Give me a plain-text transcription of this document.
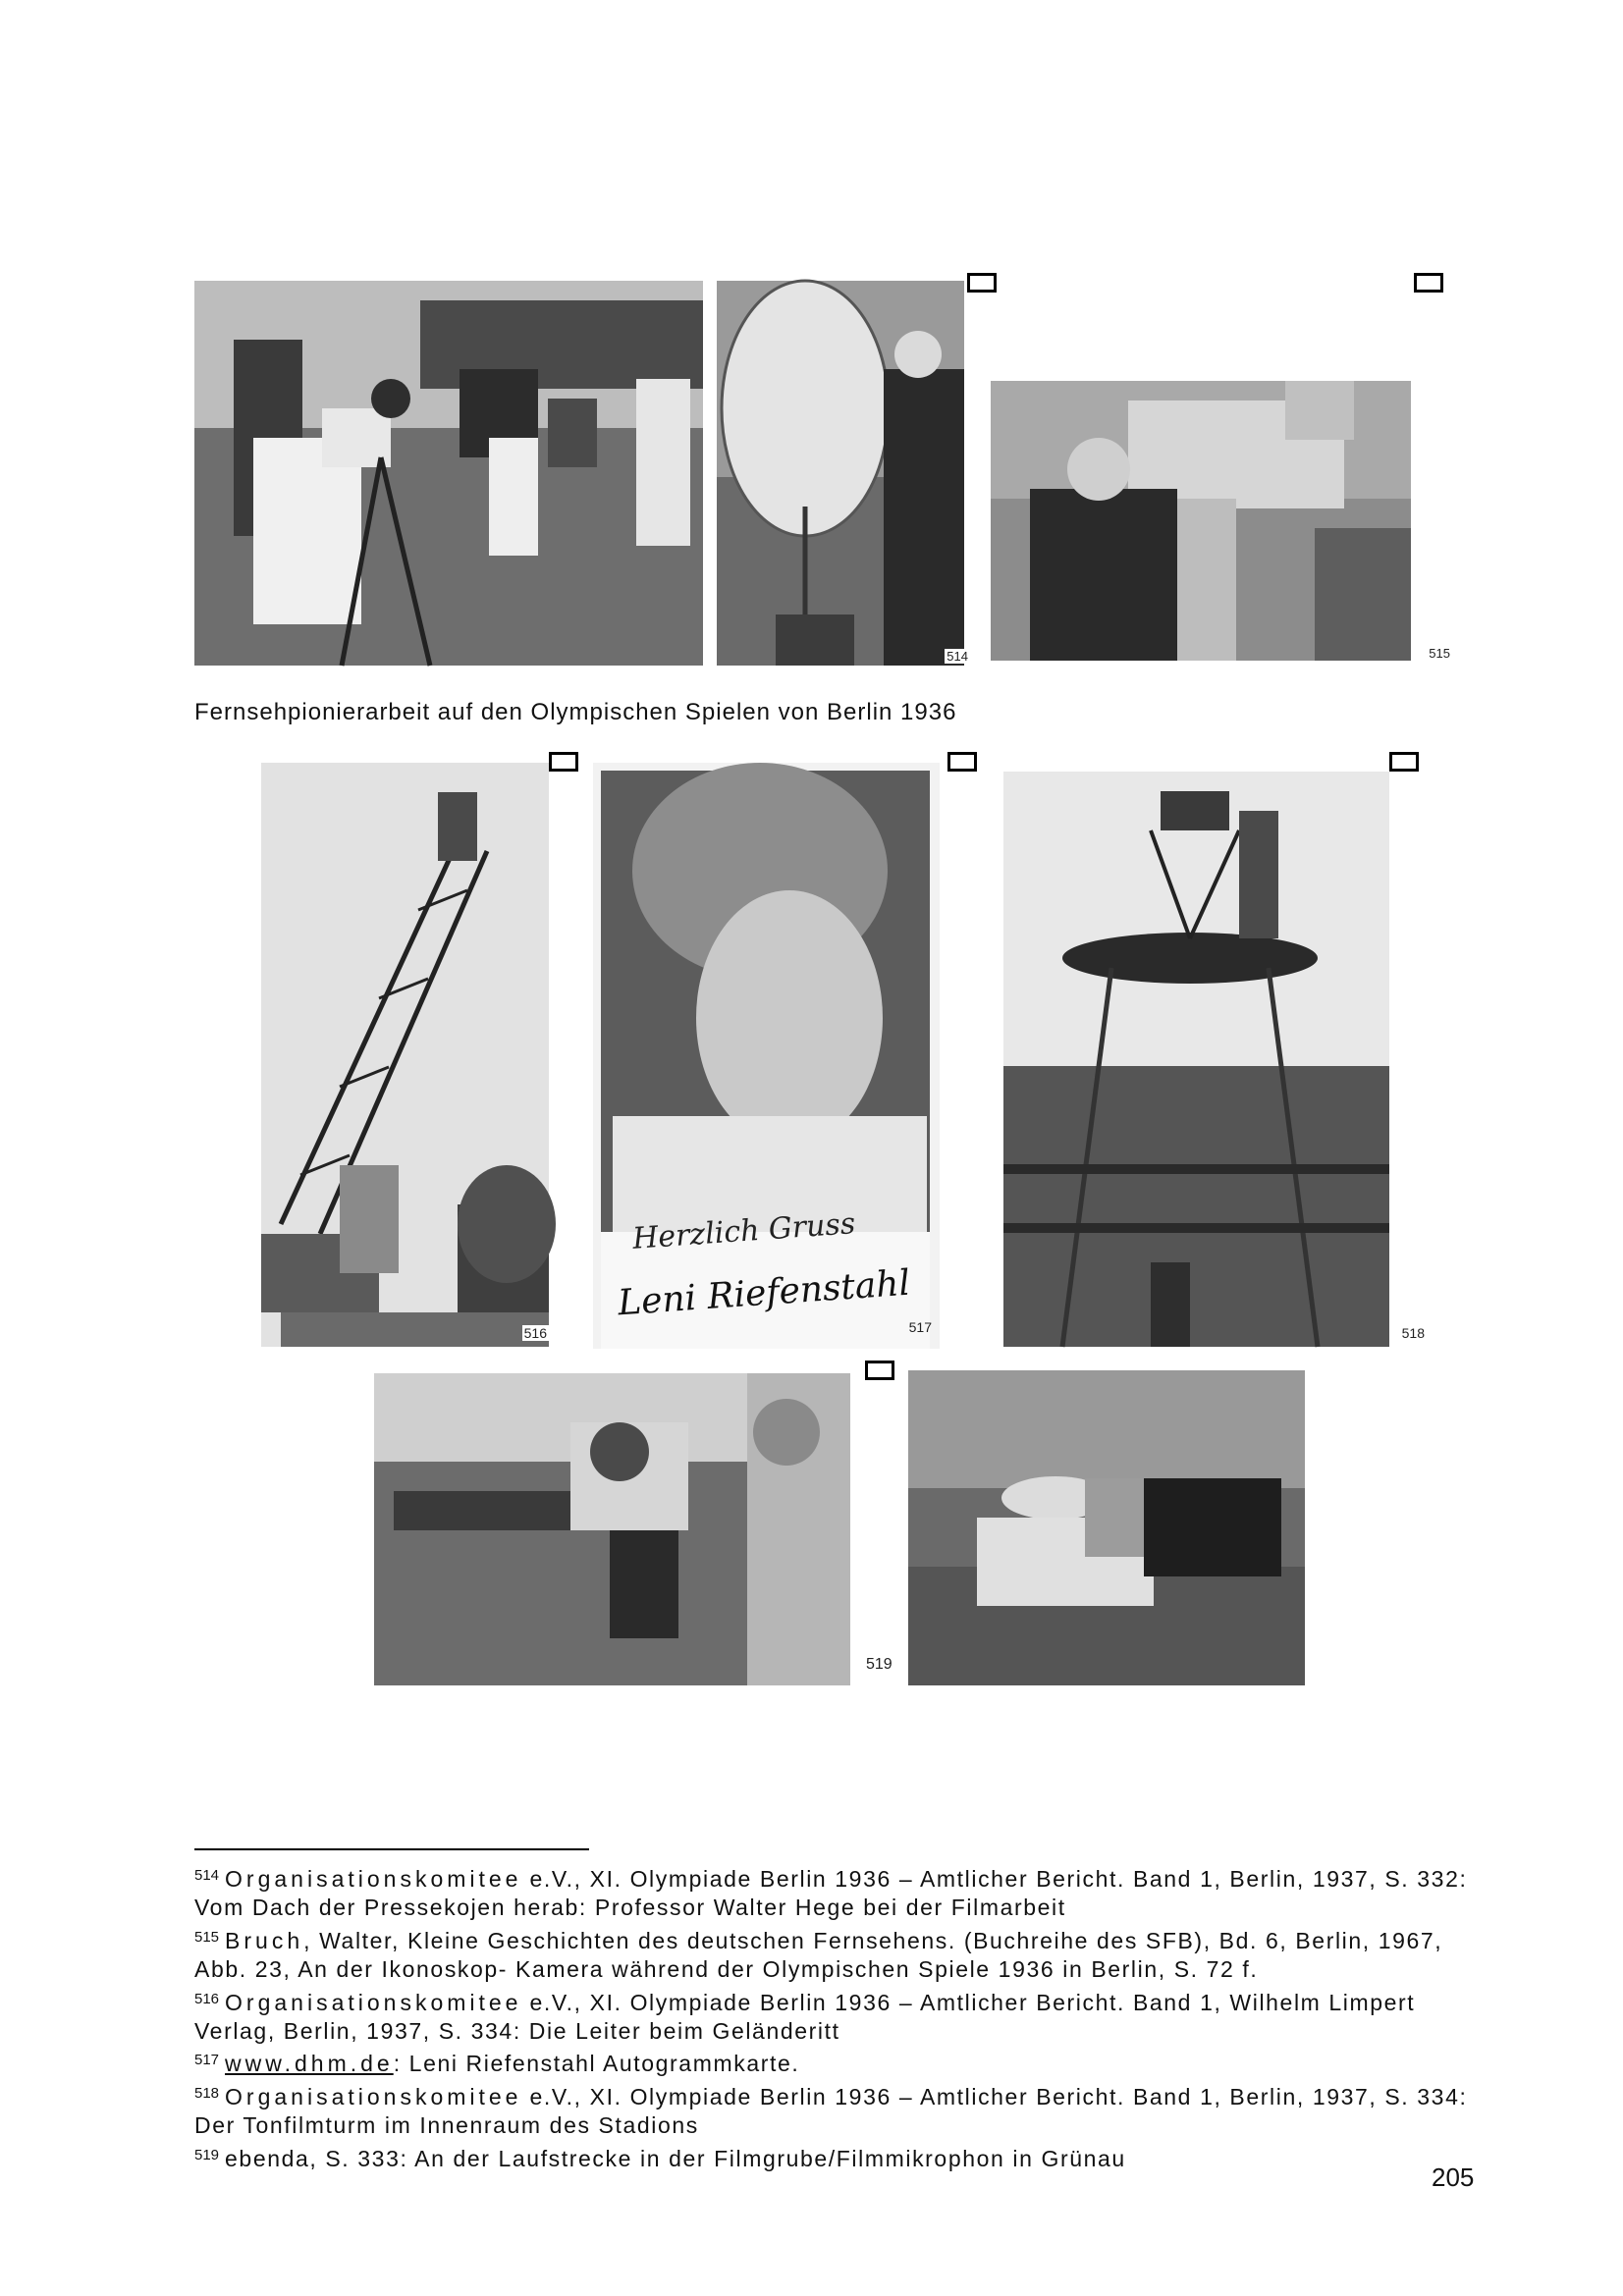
514	515
Fernsehpionierarbeit auf den Olympischen Spielen von Berlin 1936
516
Herzlich Gruss
Leni Riefenstahl
517	518
519
$^{514}$ Organisationskomitee e.V., XI. Olympiade Berlin 1936 – Amtlicher Bericht. Band 1, Berlin, 1937, S. 332: Vom Dach der Pressekojen herab: Professor Walter Hege bei der Filmarbeit
$^{515}$ Bruch, Walter, Kleine Geschichten des deutschen Fernsehens. (Buchreihe des SFB), Bd. 6, Berlin, 1967, Abb. 23, An der Ikonoskop- Kamera während der Olympischen Spiele 1936 in Berlin, S. 72 f.
$^{516}$ Organisationskomitee e.V., XI. Olympiade Berlin 1936 – Amtlicher Bericht. Band 1, Wilhelm Limpert Verlag, Berlin, 1937, S. 334: Die Leiter beim Geländeritt
$^{517}$ www.dhm.de: Leni Riefenstahl Autogrammkarte.
$^{518}$ Organisationskomitee e.V., XI. Olympiade Berlin 1936 – Amtlicher Bericht. Band 1, Berlin, 1937, S. 334: Der Tonfilmturm im Innenraum des Stadions
$^{519}$ ebenda, S. 333: An der Laufstrecke in der Filmgrube/Filmmikrophon in Grünau
205
